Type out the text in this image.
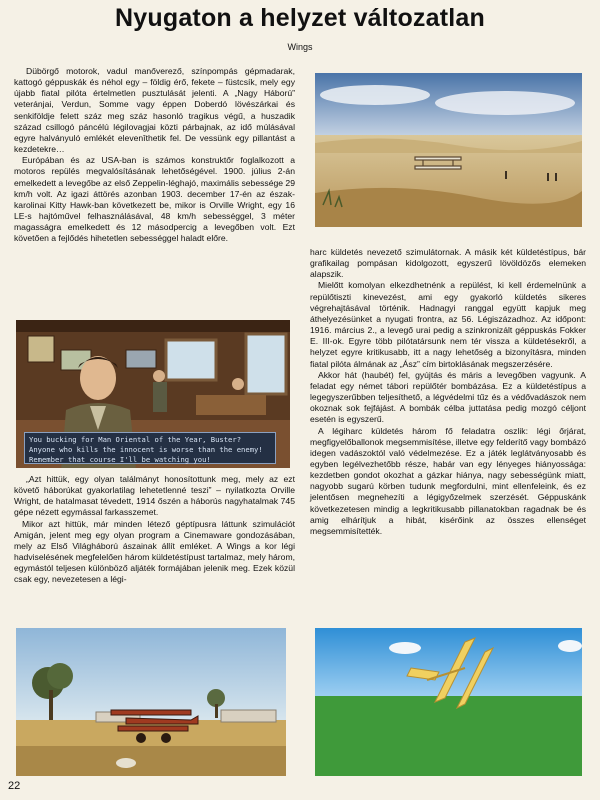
Nyugaton a helyzet változatlan
Wings

Dübörgő motorok, vadul manőverező, színpompás gépmadarak, kattogó géppuskák és néhol egy – földig érő, fekete – füstcsík, mely egy újabb fiatal pilóta értelmetlen pusztulását jelenti. A „Nagy Háború” veteránjai, Verdun, Somme vagy éppen Doberdó lövészárkai és senkiföldje felett száz meg száz hasonló tragikus végű, a huszadik század csillogó páncélú légilovagjai közti párbajnak, az idő múlásával egyre halványuló emlékét elevenîthetik fel. De vessünk egy pillantást a kezdetekre…

Európában és az USA-ban is számos konstruktőr foglalkozott a motoros repülés megvalósításának lehetőségével. 1900. július 2-án emelkedett a levegőbe az első Zeppelin-léghajó, maximális sebessége 29 km/h volt. Az igazi áttörés azonban 1903. december 17-én az észak-karolinai Kitty Hawk-ban következett be, mikor is Orville Wright, egy 16 LE-s hajtóművel felhasználásával, 48 km/h sebességgel, 3 méter magasságra emelkedett és 12 másodpercig a levegőben volt. Ezt követően a fejlődés hihetetlen sebességgel haladt előre.

You bucking for Man Oriental of the Year, Buster? Anyone who kills the innocent is worse than the enemy! Remember that course I'll be watching you!

„Azt hittük, egy olyan találmányt honosítottunk meg, mely az ezt követő háborúkat gyakorlatilag lehetetlenné teszi” – nyilatkozta Orville Wright, de hatalmasat tévedett, 1914 őszén a háborús nagyhatalmak 745 gépe nézett egymással farkasszemet.

Mikor azt hittük, már minden létező géptípusra láttunk szimulációt Amigán, jelent meg egy olyan program a Cinemaware gondozásában, mely az Első Világháború ászainak állít emléket. A Wings a kor légi hadviselésének megfelelően három küldetéstípust tartalmaz, mely három, egymástól teljesen különböző aljáték formájában jelenik meg. Ezek közül csak egy, nevezetesen a légi-

harc küldetés nevezető szimulátornak. A másik két küldetéstípus, bár grafikailag pompásan kidolgozott, egyszerű lövöldözős elemeken alapszik.

Mielőtt komolyan elkezdhetnénk a repülést, ki kell érdemelnünk a repülőtiszti kinevezést, ami egy gyakorló küldetés sikeres végrehajtásával történik. Hadnagyi ranggal együtt kapjuk meg áthelyezésünket a nyugati frontra, az 56. Légiszázadhoz. Az időpont: 1916. március 2., a levegő urai pedig a szinkronizált géppuskás Fokker E. III-ok. Egyre több pilótatársunk nem tér vissza a küldetésekről, a helyzet egyre kritikusabb, itt a nagy lehetőség a bizonyításra, minden fiatal pilóta álmának az „Ász” cím birtoklásának megszerzésére.

Akkor hát (haubét) fel, gyújtás és máris a levegőben vagyunk. A feladat egy német tábori repülőtér bombázása. Ez a küldetéstípus a legegyszerűbben teljesíthető, a légvédelmi tűz és a védővadászok nem okoznak sok fejfájást. A bombák célba juttatása pedig mozgó céljont esetén is egyszerű.

A légiharc küldetés három fő feladatra oszlik: légi őrjárat, megfigyelőballonok megsemmisítése, illetve egy felderítő vagy bombázó idegen vadászoktól való védelmezése. Ez a játék leglátványosabb és egyben legélvezhetőbb része, habár van egy lényeges hiányossága: kezdetben gondot okozhat a gázkar hiánya, nagy sebességünk miatt, nagyobb sugarú körben tudunk megfordulni, mint ellenfeleink, és ez jelentősen megnehezíti a légigyőzelmek szerzését. Géppuskánk következetesen mindig a legkritikusabb pillanatokban ragadnak be és amig elhárítjuk a hibát, kisérőink az összes ellenséget megsemmisítették.

22
